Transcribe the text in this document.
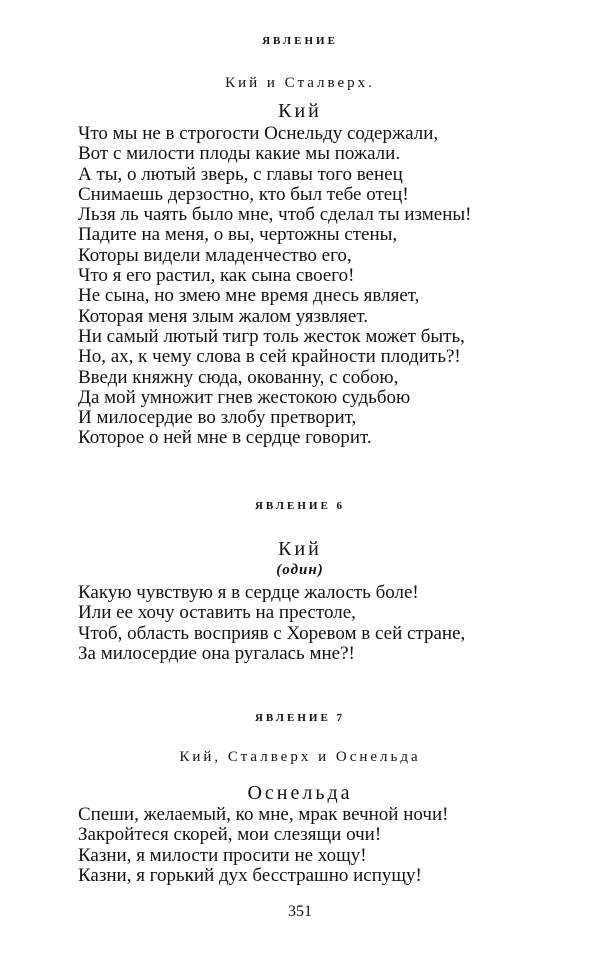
ЯВЛЕНИЕ

Кий и Сталверх.

Кий

Что мы не в строгости Оснельду содержали,
Вот с милости плоды какие мы пожали.
А ты, о лютый зверь, с главы того венец
Снимаешь дерзостно, кто был тебе отец!
Льзя ль чаять было мне, чтоб сделал ты измены!
Падите на меня, о вы, чертожны стены,
Которы видели младенчество его,
Что я его растил, как сына своего!
Не сына, но змею мне время днесь являет,
Которая меня злым жалом уязвляет.
Ни самый лютый тигр толь жесток может быть,
Но, ах, к чему слова в сей крайности плодить?!
Введи княжну сюда, окованну, с собою,
Да мой умножит гнев жестокою судьбою
И милосердие во злобу претворит,
Которое о ней мне в сердце говорит.

ЯВЛЕНИЕ 6

Кий

(один)

Какую чувствую я в сердце жалость боле!
Или ее хочу оставить на престоле,
Чтоб, область восприяв с Хоревом в сей стране,
За милосердие она ругалась мне?!

ЯВЛЕНИЕ 7

Кий, Сталверх и Оснельда

Оснельда

Спеши, желаемый, ко мне, мрак вечной ночи!
Закройтеся скорей, мои слезящи очи!
Казни, я милости просити не хощу!
Казни, я горький дух бесстрашно испущу!

351
